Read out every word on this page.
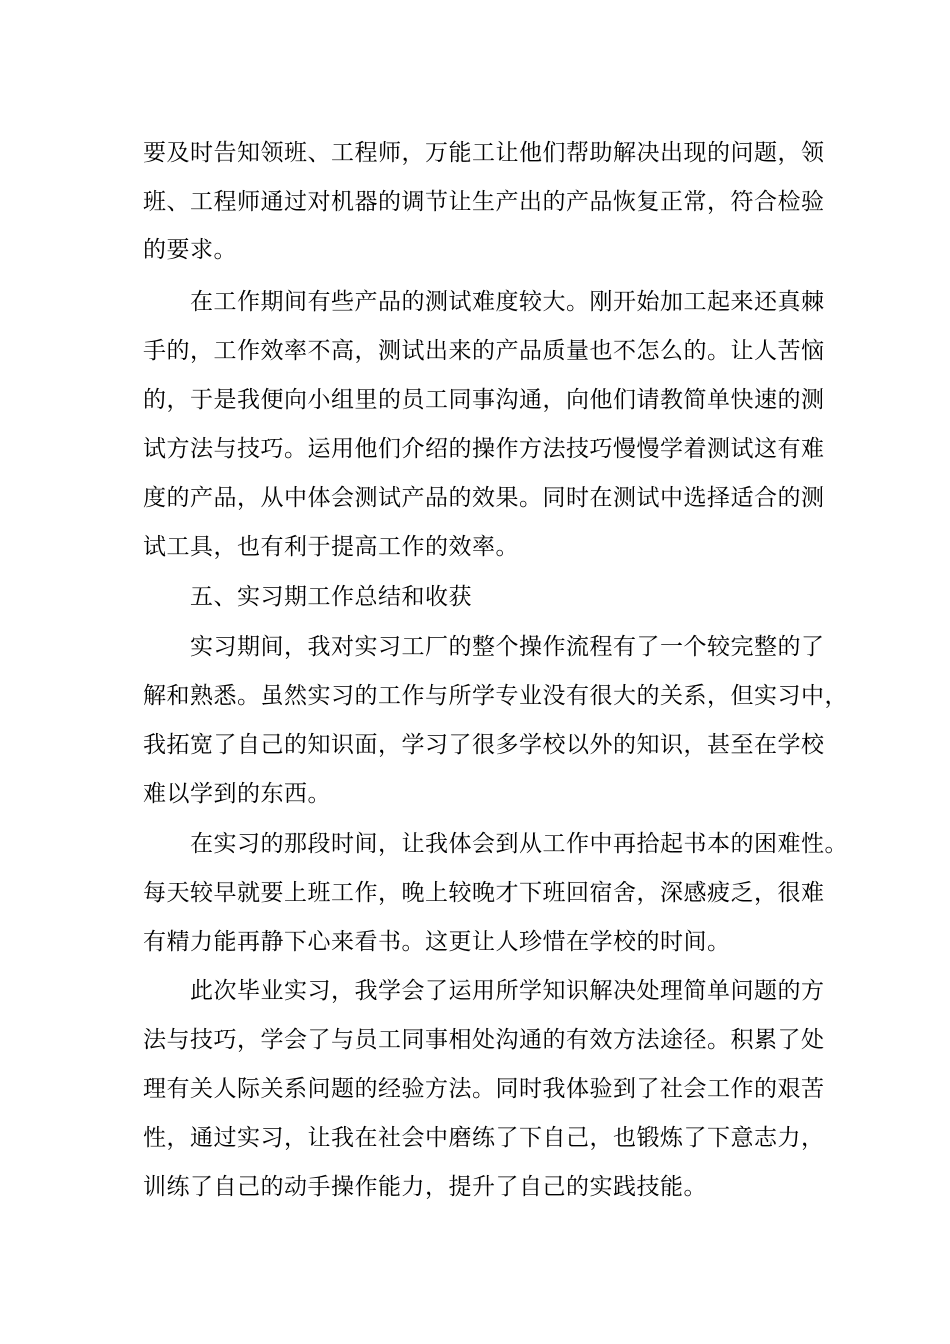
要及时告知领班、工程师，万能工让他们帮助解决出现的问题，领
班、工程师通过对机器的调节让生产出的产品恢复正常，符合检验
的要求。
在工作期间有些产品的测试难度较大。刚开始加工起来还真棘
手的，工作效率不高，测试出来的产品质量也不怎么的。让人苦恼
的，于是我便向小组里的员工同事沟通，向他们请教简单快速的测
试方法与技巧。运用他们介绍的操作方法技巧慢慢学着测试这有难
度的产品，从中体会测试产品的效果。同时在测试中选择适合的测
试工具，也有利于提高工作的效率。
五、实习期工作总结和收获
实习期间，我对实习工厂的整个操作流程有了一个较完整的了
解和熟悉。虽然实习的工作与所学专业没有很大的关系，但实习中，
我拓宽了自己的知识面，学习了很多学校以外的知识，甚至在学校
难以学到的东西。
在实习的那段时间，让我体会到从工作中再拾起书本的困难性。
每天较早就要上班工作，晚上较晚才下班回宿舍，深感疲乏，很难
有精力能再静下心来看书。这更让人珍惜在学校的时间。
此次毕业实习，我学会了运用所学知识解决处理简单问题的方
法与技巧，学会了与员工同事相处沟通的有效方法途径。积累了处
理有关人际关系问题的经验方法。同时我体验到了社会工作的艰苦
性，通过实习，让我在社会中磨练了下自己，也锻炼了下意志力，
训练了自己的动手操作能力，提升了自己的实践技能。
